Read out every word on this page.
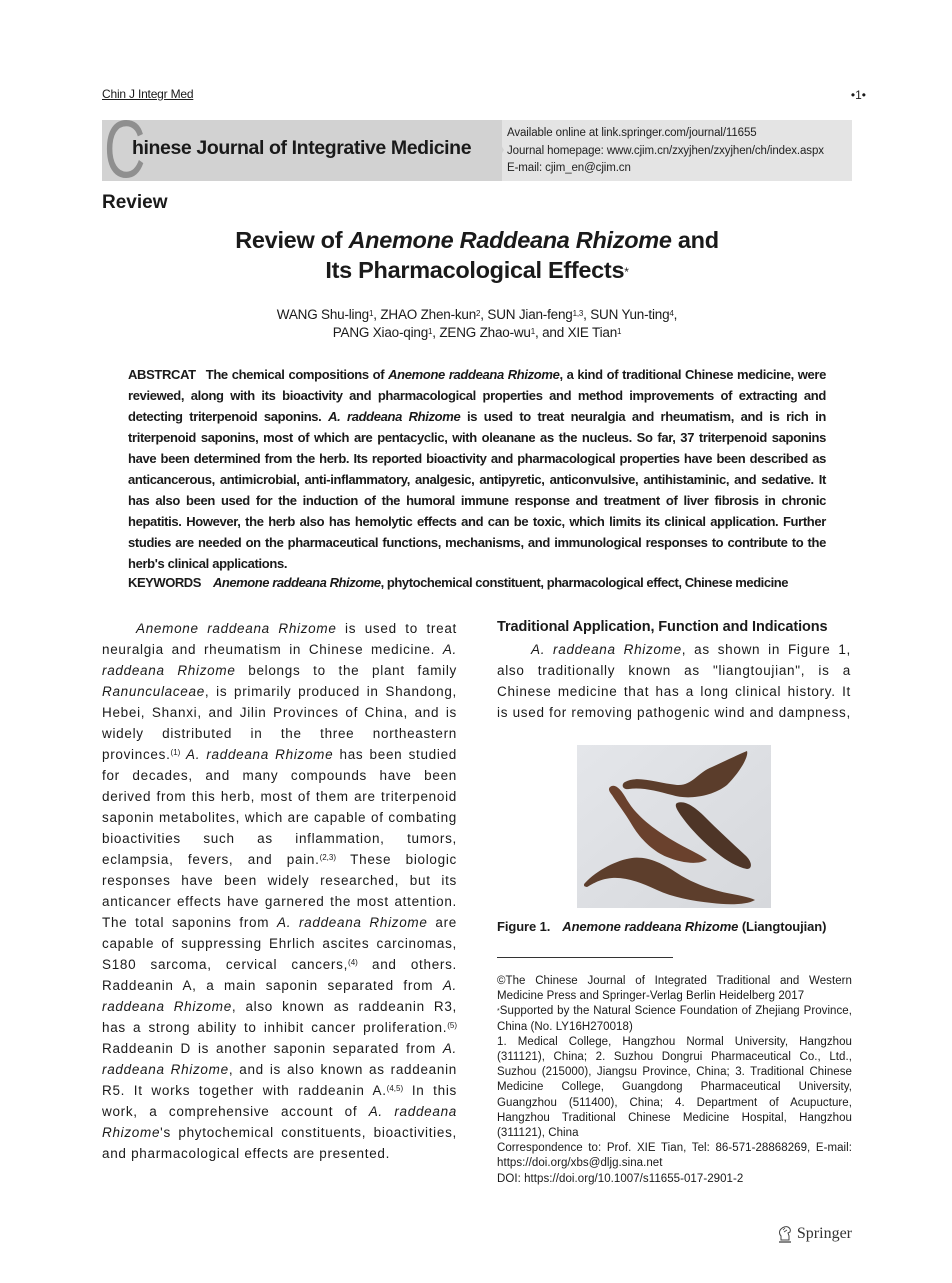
Chin J Integr Med	•1•
C
hinese Journal of Integrative Medicine
Available online at link.springer.com/journal/11655
Journal homepage: www.cjim.cn/zxyjhen/zxyjhen/ch/index.aspx
E-mail: cjim_en@cjim.cn
Review
Review of Anemone Raddeana Rhizome and
Its Pharmacological Effects*
WANG Shu-ling$^1$, ZHAO Zhen-kun$^2$, SUN Jian-feng$^{1,3}$, SUN Yun-ting$^4$,
PANG Xiao-qing$^1$, ZENG Zhao-$wu^1$, and XIE Tian$^1$
ABSTRCAT The chemical compositions of Anemone raddeana Rhizome, a kind of traditional Chinese medicine, were reviewed, along with its bioactivity and pharmacological properties and method improvements of extracting and detecting triterpenoid saponins. A. raddeana Rhizome is used to treat neuralgia and rheumatism, and is rich in triterpenoid saponins, most of which are pentacyclic, with oleanane as the nucleus. So far, 37 triterpenoid saponins have been determined from the herb. Its reported bioactivity and pharmacological properties have been described as anticancerous, antimicrobial, anti-inflammatory, analgesic, antipyretic, anticonvulsive, antihistaminic, and sedative. It has also been used for the induction of the humoral immune response and treatment of liver fibrosis in chronic hepatitis. However, the herb also has hemolytic effects and can be toxic, which limits its clinical application. Further studies are needed on the pharmaceutical functions, mechanisms, and immunological responses to contribute to the herb's clinical applications.
KEYWORDS Anemone raddeana Rhizome, phytochemical constituent, pharmacological effect, Chinese medicine

Anemone raddeana Rhizome is used to treat neuralgia and rheumatism in Chinese medicine. A. raddeana Rhizome belongs to the plant family Ranunculaceae, is primarily produced in Shandong, Hebei, Shanxi, and Jilin Provinces of China, and is widely distributed in the three northeastern provinces.$^{(1)}$ A. raddeana Rhizome has been studied for decades, and many compounds have been derived from this herb, most of them are triterpenoid saponin metabolites, which are capable of combating bioactivities such as inflammation, tumors, eclampsia, fevers, and pain.$^{(2,3)}$ These biologic responses have been widely researched, but its anticancer effects have garnered the most attention. The total saponins from A. raddeana Rhizome are capable of suppressing Ehrlich ascites carcinomas, S180 sarcoma, cervical cancers,$^{(4)}$ and others. Raddeanin A, a main saponin separated from A. raddeana Rhizome, also known as raddeanin R3, has a strong ability to inhibit cancer proliferation.$^{(5)}$ Raddeanin D is another saponin separated from A. raddeana Rhizome, and is also known as raddeanin R5. It works together with raddeanin A.$^{(4,5)}$ In this work, a comprehensive account of A. raddeana Rhizome's phytochemical constituents, bioactivities, and pharmacological effects are presented.

Traditional Application, Function and Indications

A. raddeana Rhizome, as shown in Figure 1, also traditionally known as "liangtoujian", is a Chinese medicine that has a long clinical history. It is used for removing pathogenic wind and dampness,

Figure 1. Anemone raddeana Rhizome (Liangtoujian)
©The Chinese Journal of Integrated Traditional and Western Medicine Press and Springer-Verlag Berlin Heidelberg 2017
*Supported by the Natural Science Foundation of Zhejiang Province, China (No. LY16H270018)
1. Medical College, Hangzhou Normal University, Hangzhou (311121), China; 2. Suzhou Dongrui Pharmaceutical Co., Ltd., Suzhou (215000), Jiangsu Province, China; 3. Traditional Chinese Medicine College, Guangdong Pharmaceutical University, Guangzhou (511400), China; 4. Department of Acupucture, Hangzhou Traditional Chinese Medicine Hospital, Hangzhou (311121), China
Correspondence to: Prof. XIE Tian, Tel: 86-571-28868269, E-mail: https://doi.org/xbs@dljg.sina.net
DOI: https://doi.org/10.1007/s11655-017-2901-2
Springer
